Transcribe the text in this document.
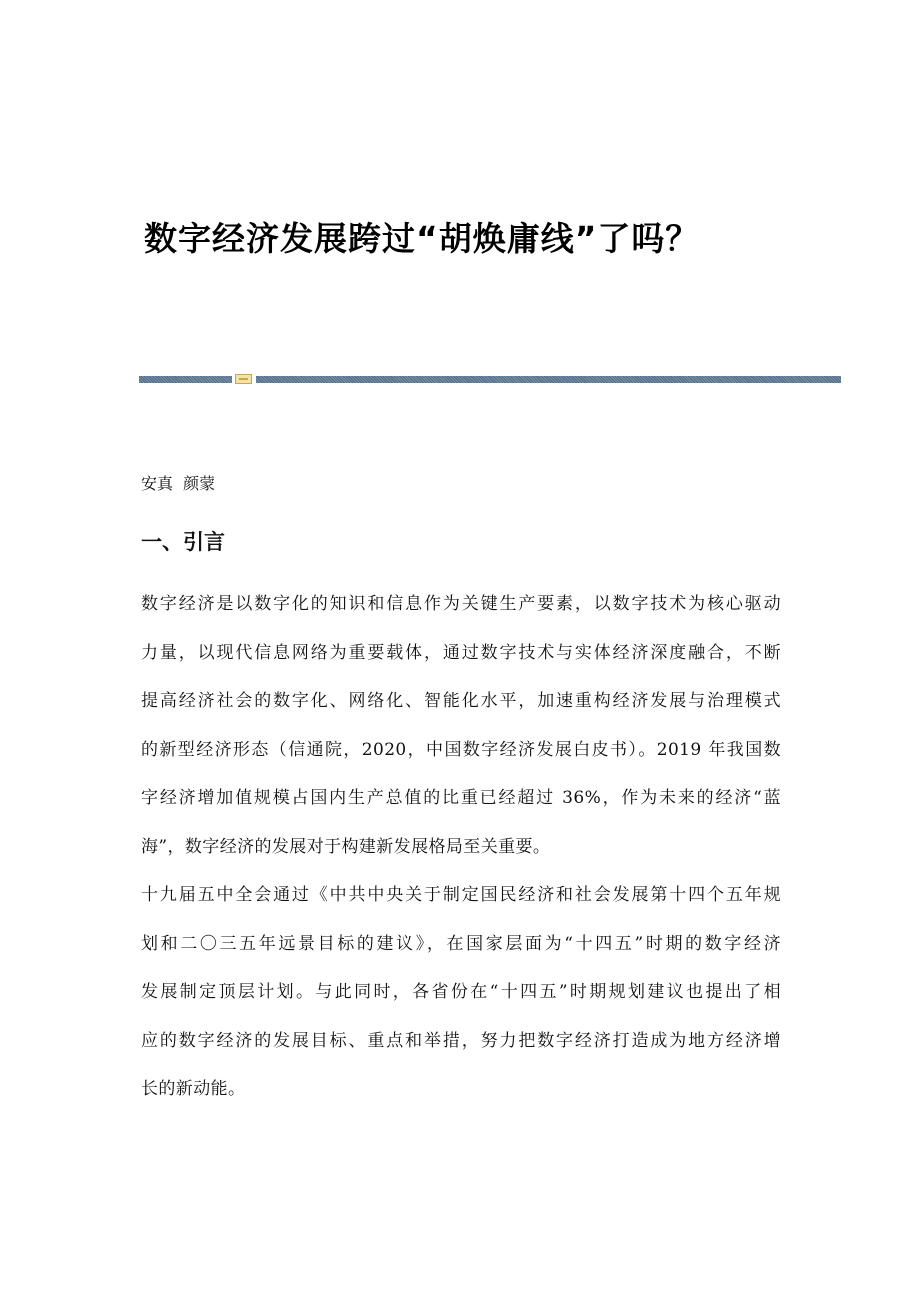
数字经济发展跨过“胡焕庸线”了吗？
安真  颜蒙
一、引言
数字经济是以数字化的知识和信息作为关键生产要素，以数字技术为核心驱动
力量，以现代信息网络为重要载体，通过数字技术与实体经济深度融合，不断
提高经济社会的数字化、网络化、智能化水平，加速重构经济发展与治理模式
的新型经济形态（信通院，2020，中国数字经济发展白皮书）。2019 年我国数
字经济增加值规模占国内生产总值的比重已经超过 36%，作为未来的经济“蓝
海”，数字经济的发展对于构建新发展格局至关重要。
十九届五中全会通过《中共中央关于制定国民经济和社会发展第十四个五年规
划和二〇三五年远景目标的建议》，在国家层面为“十四五”时期的数字经济
发展制定顶层计划。与此同时，各省份在“十四五”时期规划建议也提出了相
应的数字经济的发展目标、重点和举措，努力把数字经济打造成为地方经济增
长的新动能。
